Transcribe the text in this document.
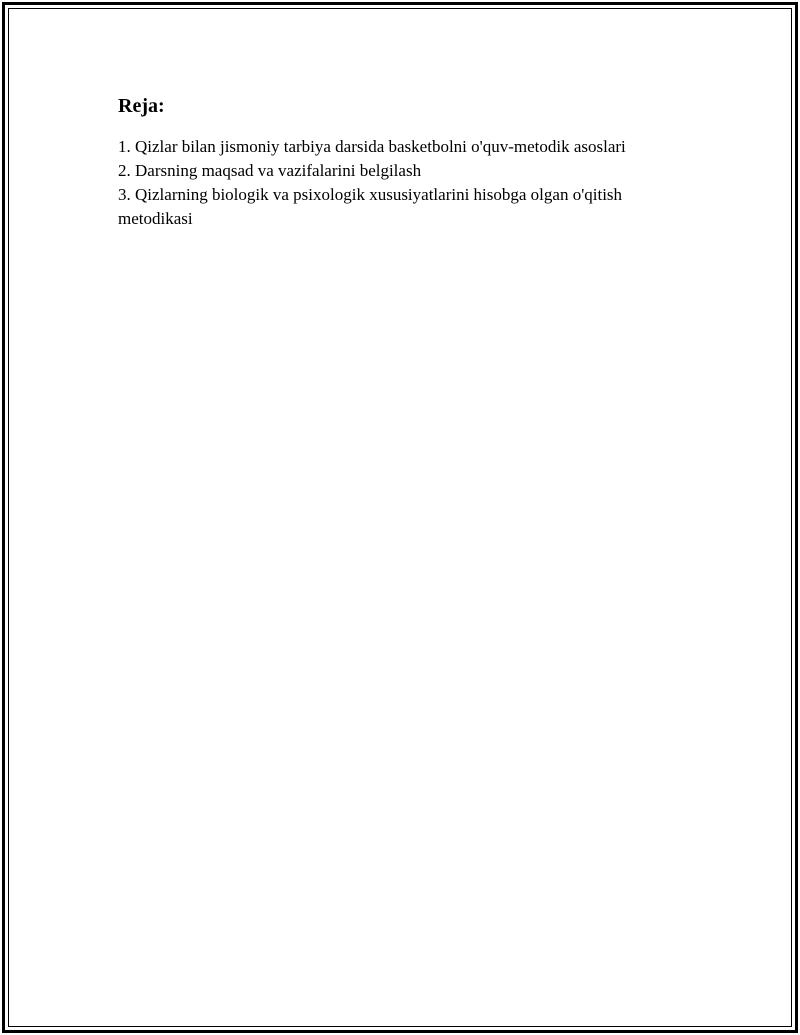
Reja:
1. Qizlar bilan jismoniy tarbiya darsida basketbolni o'quv-metodik asoslari
2. Darsning maqsad va vazifalarini belgilash
3. Qizlarning biologik va psixologik xususiyatlarini hisobga olgan o'qitish metodikasi
